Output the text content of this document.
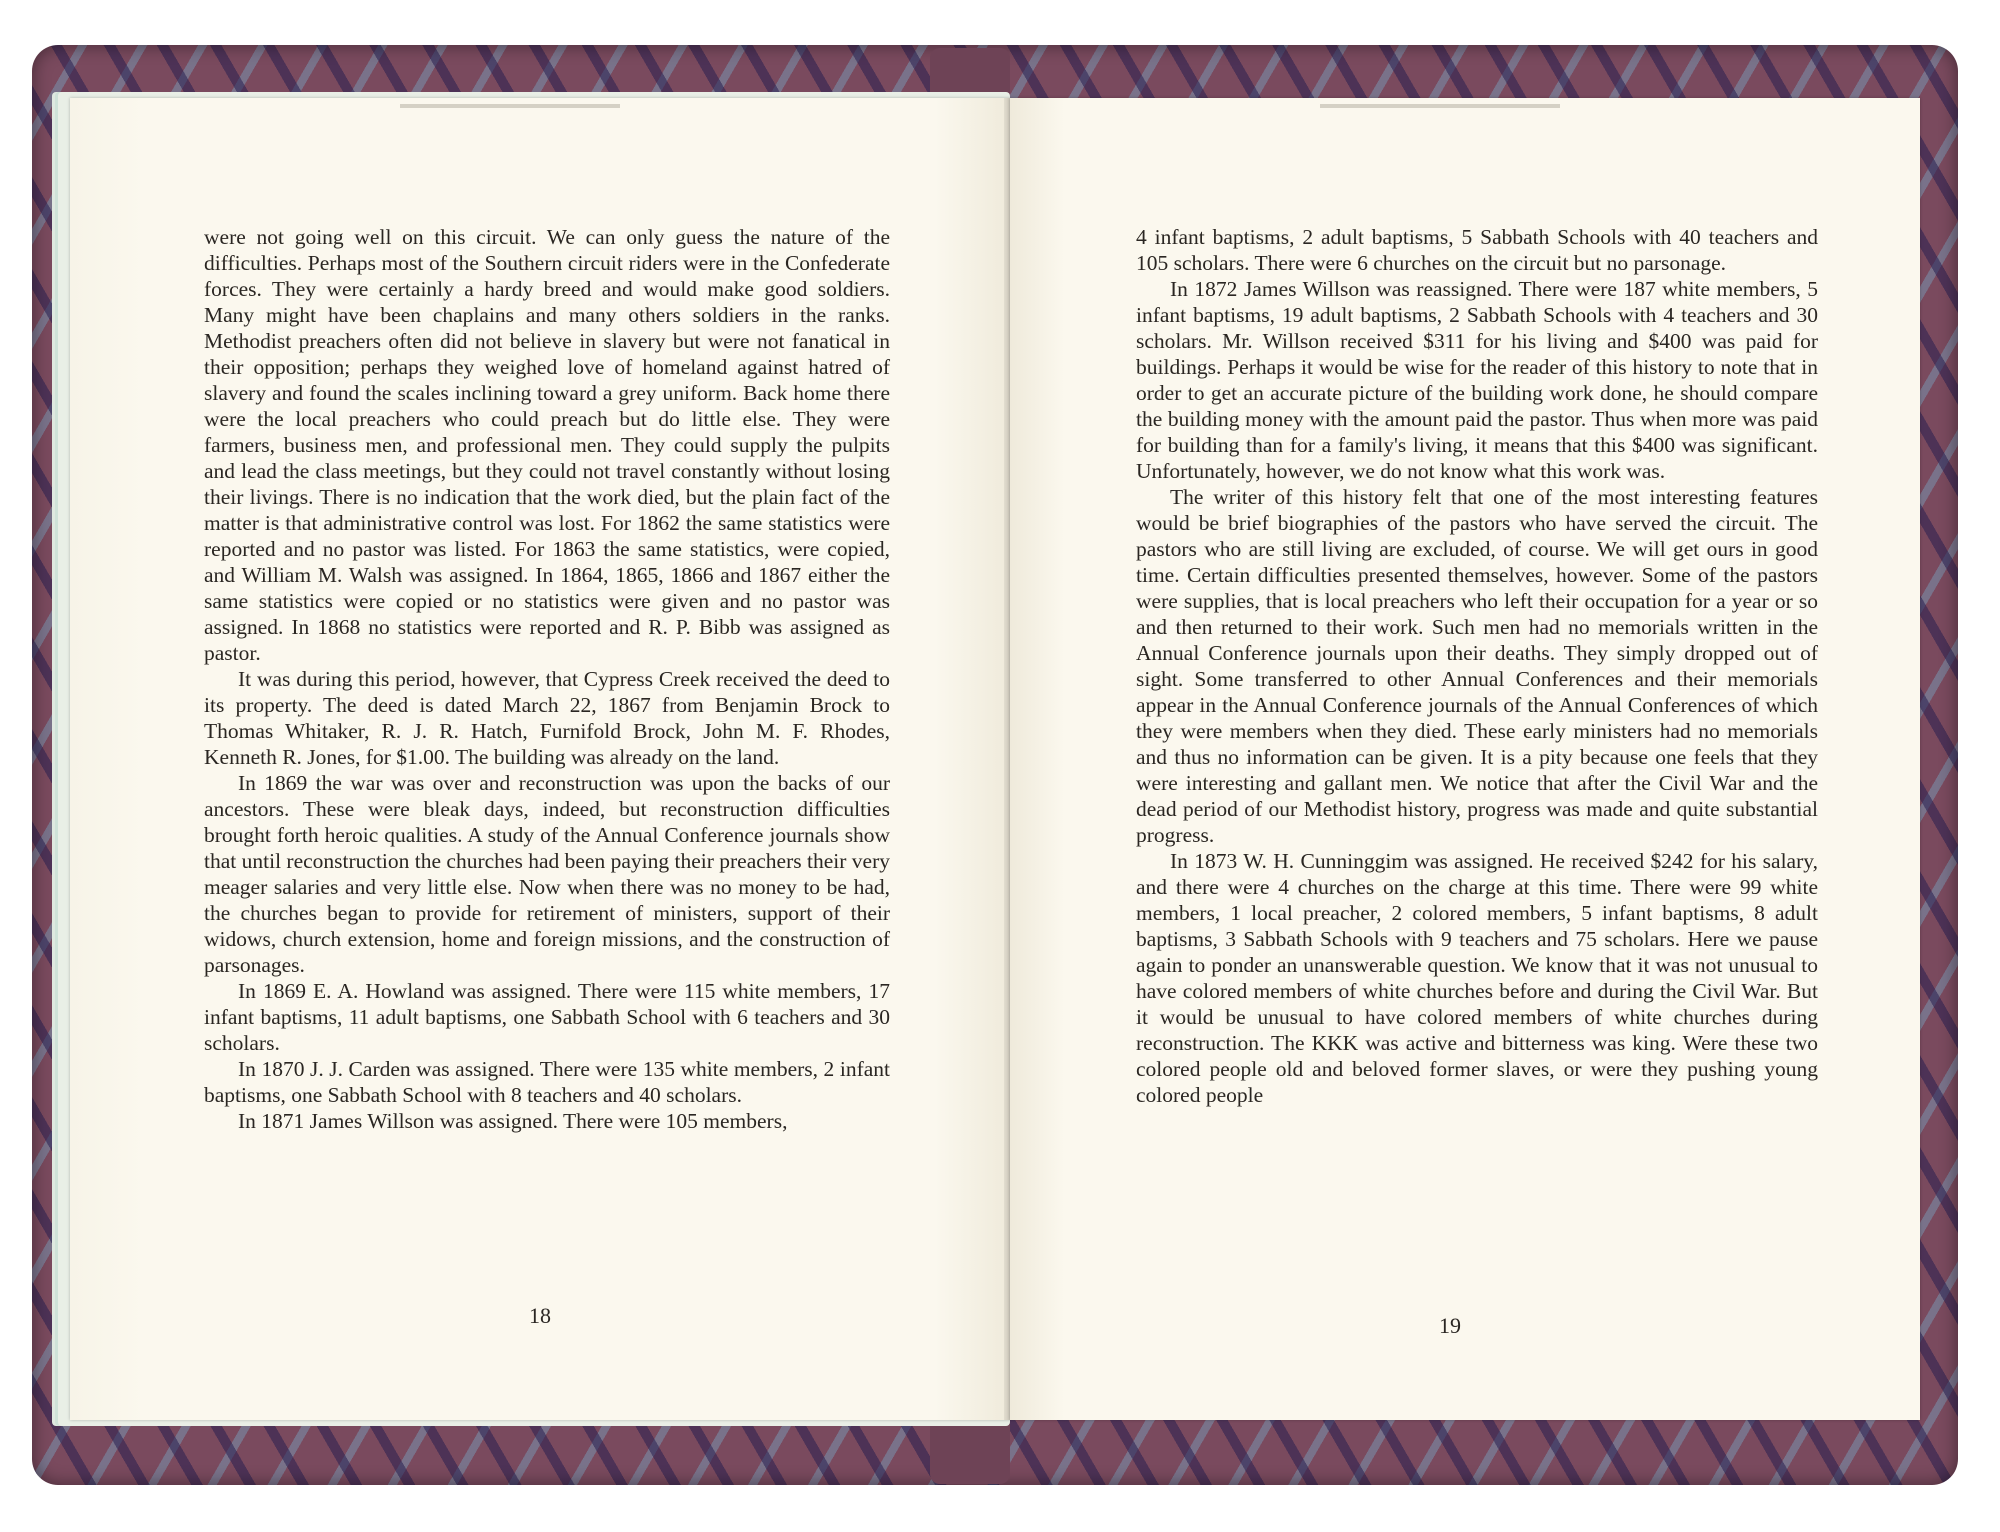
were not going well on this circuit. We can only guess the nature of the difficulties. Perhaps most of the Southern circuit riders were in the Confederate forces. They were certainly a hardy breed and would make good soldiers. Many might have been chaplains and many others soldiers in the ranks. Methodist preachers often did not believe in slavery but were not fanatical in their opposition; perhaps they weighed love of homeland against hatred of slavery and found the scales inclining toward a grey uniform. Back home there were the local preachers who could preach but do little else. They were farmers, business men, and professional men. They could supply the pulpits and lead the class meetings, but they could not travel constantly without losing their livings. There is no indication that the work died, but the plain fact of the matter is that administrative control was lost. For 1862 the same statistics were reported and no pastor was listed. For 1863 the same statistics, were copied, and William M. Walsh was assigned. In 1864, 1865, 1866 and 1867 either the same statistics were copied or no statistics were given and no pastor was assigned. In 1868 no statistics were reported and R. P. Bibb was assigned as pastor.

It was during this period, however, that Cypress Creek received the deed to its property. The deed is dated March 22, 1867 from Benjamin Brock to Thomas Whitaker, R. J. R. Hatch, Furnifold Brock, John M. F. Rhodes, Kenneth R. Jones, for $1.00. The building was already on the land.

In 1869 the war was over and reconstruction was upon the backs of our ancestors. These were bleak days, indeed, but reconstruction difficulties brought forth heroic qualities. A study of the Annual Conference journals show that until reconstruction the churches had been paying their preachers their very meager salaries and very little else. Now when there was no money to be had, the churches began to provide for retirement of ministers, support of their widows, church extension, home and foreign missions, and the construction of parsonages.

In 1869 E. A. Howland was assigned. There were 115 white members, 17 infant baptisms, 11 adult baptisms, one Sabbath School with 6 teachers and 30 scholars.

In 1870 J. J. Carden was assigned. There were 135 white members, 2 infant baptisms, one Sabbath School with 8 teachers and 40 scholars.

In 1871 James Willson was assigned. There were 105 members,

18

4 infant baptisms, 2 adult baptisms, 5 Sabbath Schools with 40 teachers and 105 scholars. There were 6 churches on the circuit but no parsonage.

In 1872 James Willson was reassigned. There were 187 white members, 5 infant baptisms, 19 adult baptisms, 2 Sabbath Schools with 4 teachers and 30 scholars. Mr. Willson received $311 for his living and $400 was paid for buildings. Perhaps it would be wise for the reader of this history to note that in order to get an accurate picture of the building work done, he should compare the building money with the amount paid the pastor. Thus when more was paid for building than for a family's living, it means that this $400 was significant. Unfortunately, however, we do not know what this work was.

The writer of this history felt that one of the most interesting features would be brief biographies of the pastors who have served the circuit. The pastors who are still living are excluded, of course. We will get ours in good time. Certain difficulties presented themselves, however. Some of the pastors were supplies, that is local preachers who left their occupation for a year or so and then returned to their work. Such men had no memorials written in the Annual Conference journals upon their deaths. They simply dropped out of sight. Some transferred to other Annual Conferences and their memorials appear in the Annual Conference journals of the Annual Conferences of which they were members when they died. These early ministers had no memorials and thus no information can be given. It is a pity because one feels that they were interesting and gallant men. We notice that after the Civil War and the dead period of our Methodist history, progress was made and quite substantial progress.

In 1873 W. H. Cunninggim was assigned. He received $242 for his salary, and there were 4 churches on the charge at this time. There were 99 white members, 1 local preacher, 2 colored members, 5 infant baptisms, 8 adult baptisms, 3 Sabbath Schools with 9 teachers and 75 scholars. Here we pause again to ponder an unanswerable question. We know that it was not unusual to have colored members of white churches before and during the Civil War. But it would be unusual to have colored members of white churches during reconstruction. The KKK was active and bitterness was king. Were these two colored people old and beloved former slaves, or were they pushing young colored people

19
